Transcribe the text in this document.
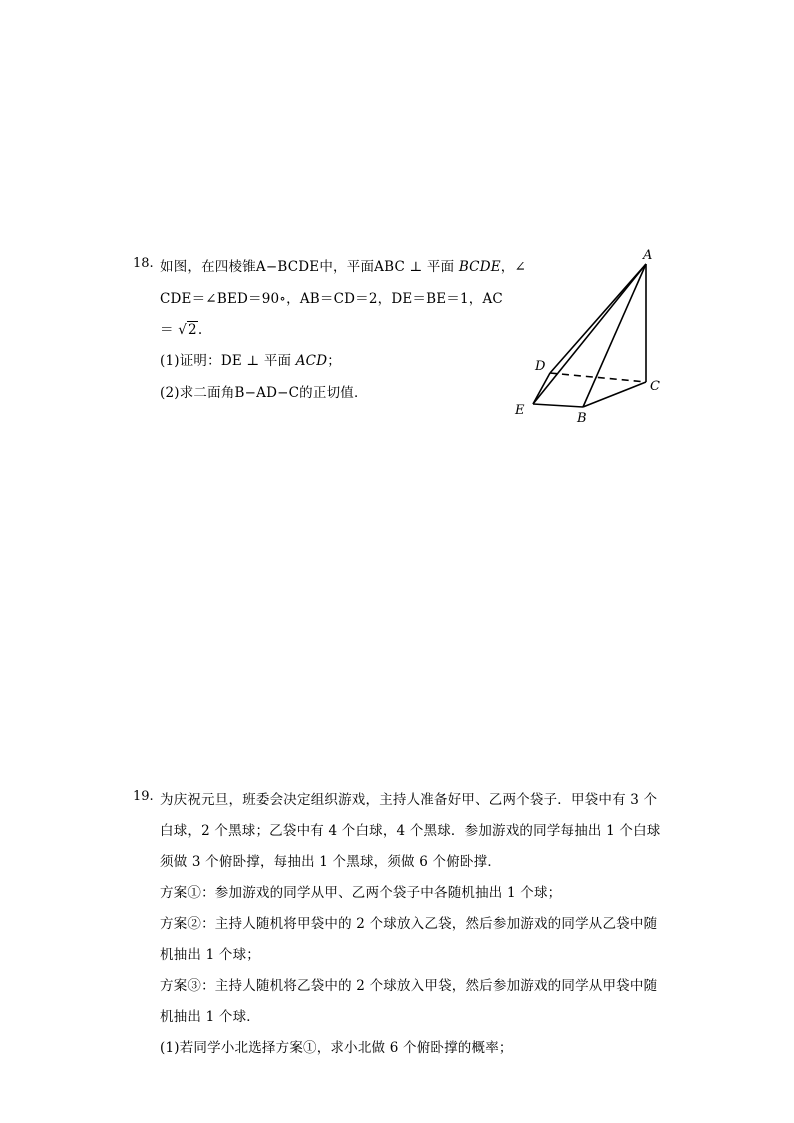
18. 如图，在四棱锥A−BCDE中，平面ABC ⊥ 平面 BCDE，∠
CDE＝∠BED＝90∘，AB＝CD＝2，DE＝BE＝1，AC
＝ √2.
(1)证明：DE ⊥ 平面 ACD；
(2)求二面角B−AD−C的正切值．
A
D
C
E
B
19. 为庆祝元旦，班委会决定组织游戏，主持人准备好甲、乙两个袋子．甲袋中有 3 个
白球，2 个黑球；乙袋中有 4 个白球，4 个黑球．参加游戏的同学每抽出 1 个白球
须做 3 个俯卧撑，每抽出 1 个黑球，须做 6 个俯卧撑．
方案①：参加游戏的同学从甲、乙两个袋子中各随机抽出 1 个球；
方案②：主持人随机将甲袋中的 2 个球放入乙袋，然后参加游戏的同学从乙袋中随
机抽出 1 个球；
方案③：主持人随机将乙袋中的 2 个球放入甲袋，然后参加游戏的同学从甲袋中随
机抽出 1 个球．
(1)若同学小北选择方案①，求小北做 6 个俯卧撑的概率；
